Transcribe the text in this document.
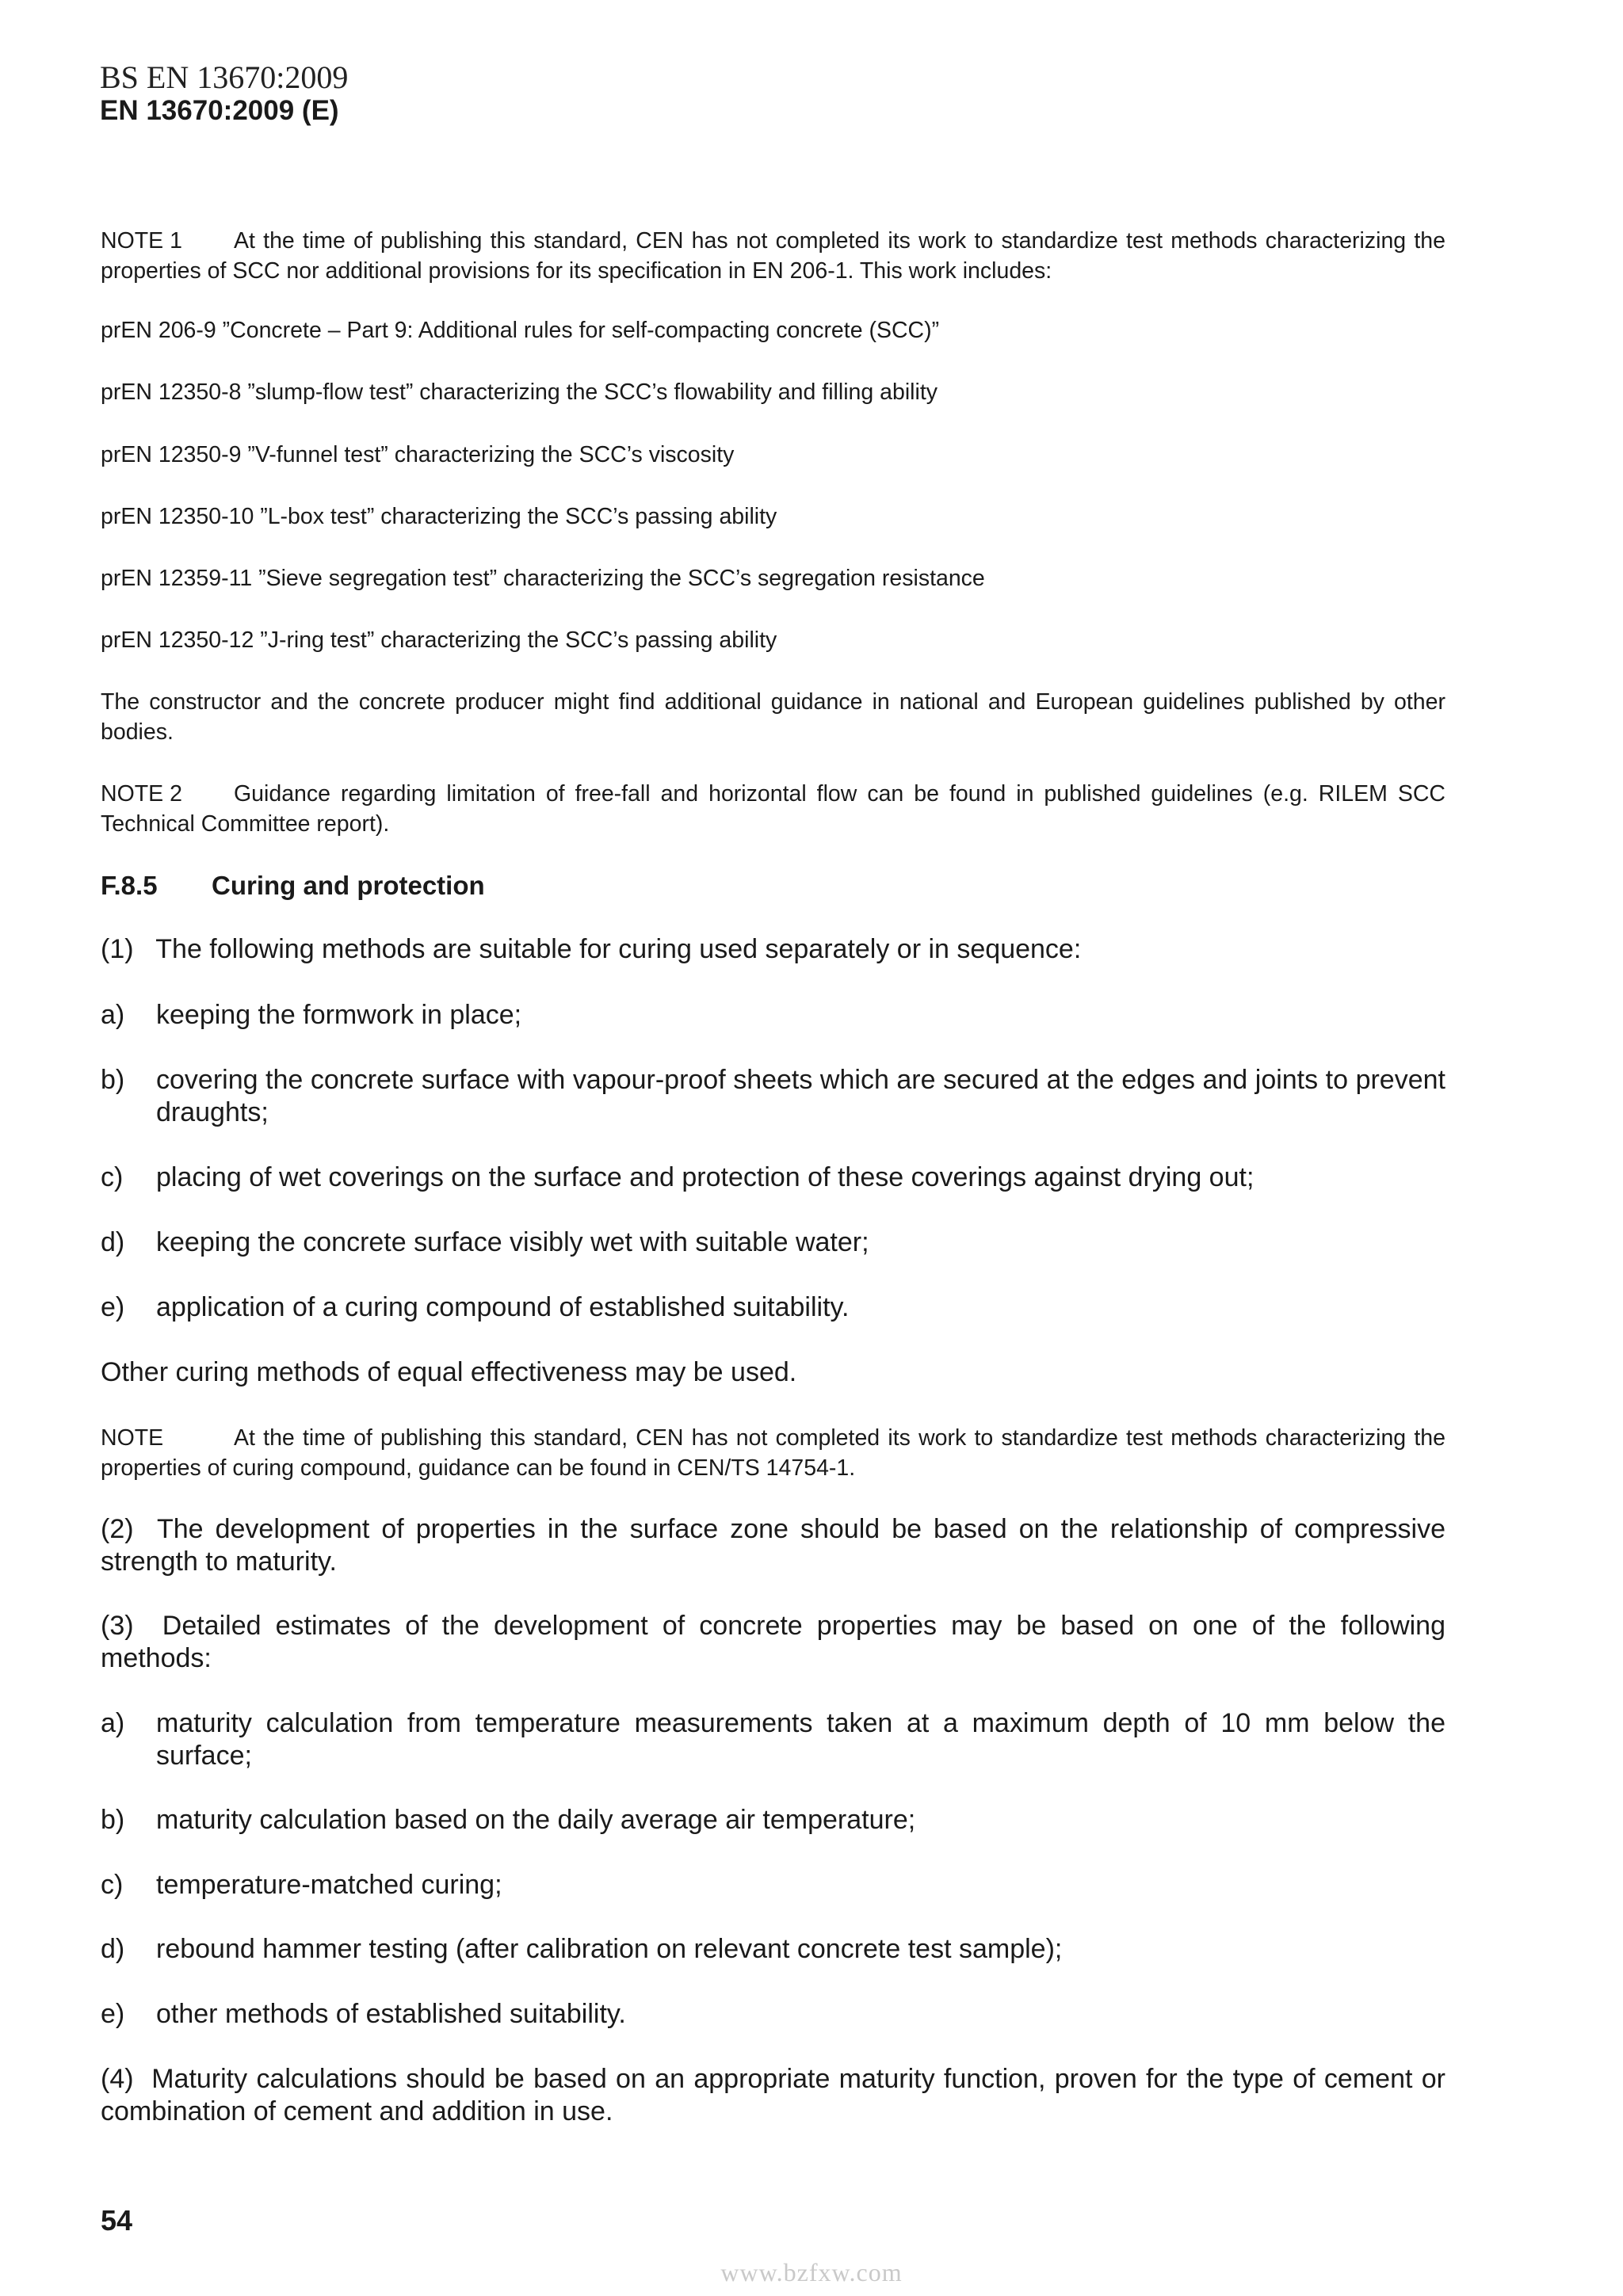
BS EN 13670:2009
EN 13670:2009 (E)
NOTE 1	At the time of publishing this standard, CEN has not completed its work to standardize test methods characterizing the properties of SCC nor additional provisions for its specification in EN 206-1. This work includes:
prEN 206-9 ”Concrete – Part 9: Additional rules for self-compacting concrete (SCC)”
prEN 12350-8 ”slump-flow test” characterizing the SCC’s flowability and filling ability
prEN 12350-9 ”V-funnel test” characterizing the SCC’s viscosity
prEN 12350-10 ”L-box test” characterizing the SCC’s passing ability
prEN 12359-11 ”Sieve segregation test” characterizing the SCC’s segregation resistance
prEN 12350-12 ”J-ring test” characterizing the SCC’s passing ability
The constructor and the concrete producer might find additional guidance in national and European guidelines published by other bodies.
NOTE 2	Guidance regarding limitation of free-fall and horizontal flow can be found in published guidelines (e.g. RILEM SCC Technical Committee report).
F.8.5 Curing and protection
(1)   The following methods are suitable for curing used separately or in sequence:
a) keeping the formwork in place;
b) covering the concrete surface with vapour-proof sheets which are secured at the edges and joints to prevent draughts;
c) placing of wet coverings on the surface and protection of these coverings against drying out;
d) keeping the concrete surface visibly wet with suitable water;
e) application of a curing compound of established suitability.
Other curing methods of equal effectiveness may be used.
NOTE	At the time of publishing this standard, CEN has not completed its work to standardize test methods characterizing the properties of curing compound, guidance can be found in CEN/TS 14754-1.
(2)  The development of properties in the surface zone should be based on the relationship of compressive strength to maturity.
(3)  Detailed estimates of the development of concrete properties may be based on one of the following methods:
a) maturity calculation from temperature measurements taken at a maximum depth of 10 mm below the surface;
b) maturity calculation based on the daily average air temperature;
c) temperature-matched curing;
d) rebound hammer testing (after calibration on relevant concrete test sample);
e) other methods of established suitability.
(4)  Maturity calculations should be based on an appropriate maturity function, proven for the type of cement or combination of cement and addition in use.
54
www.bzfxw.com
